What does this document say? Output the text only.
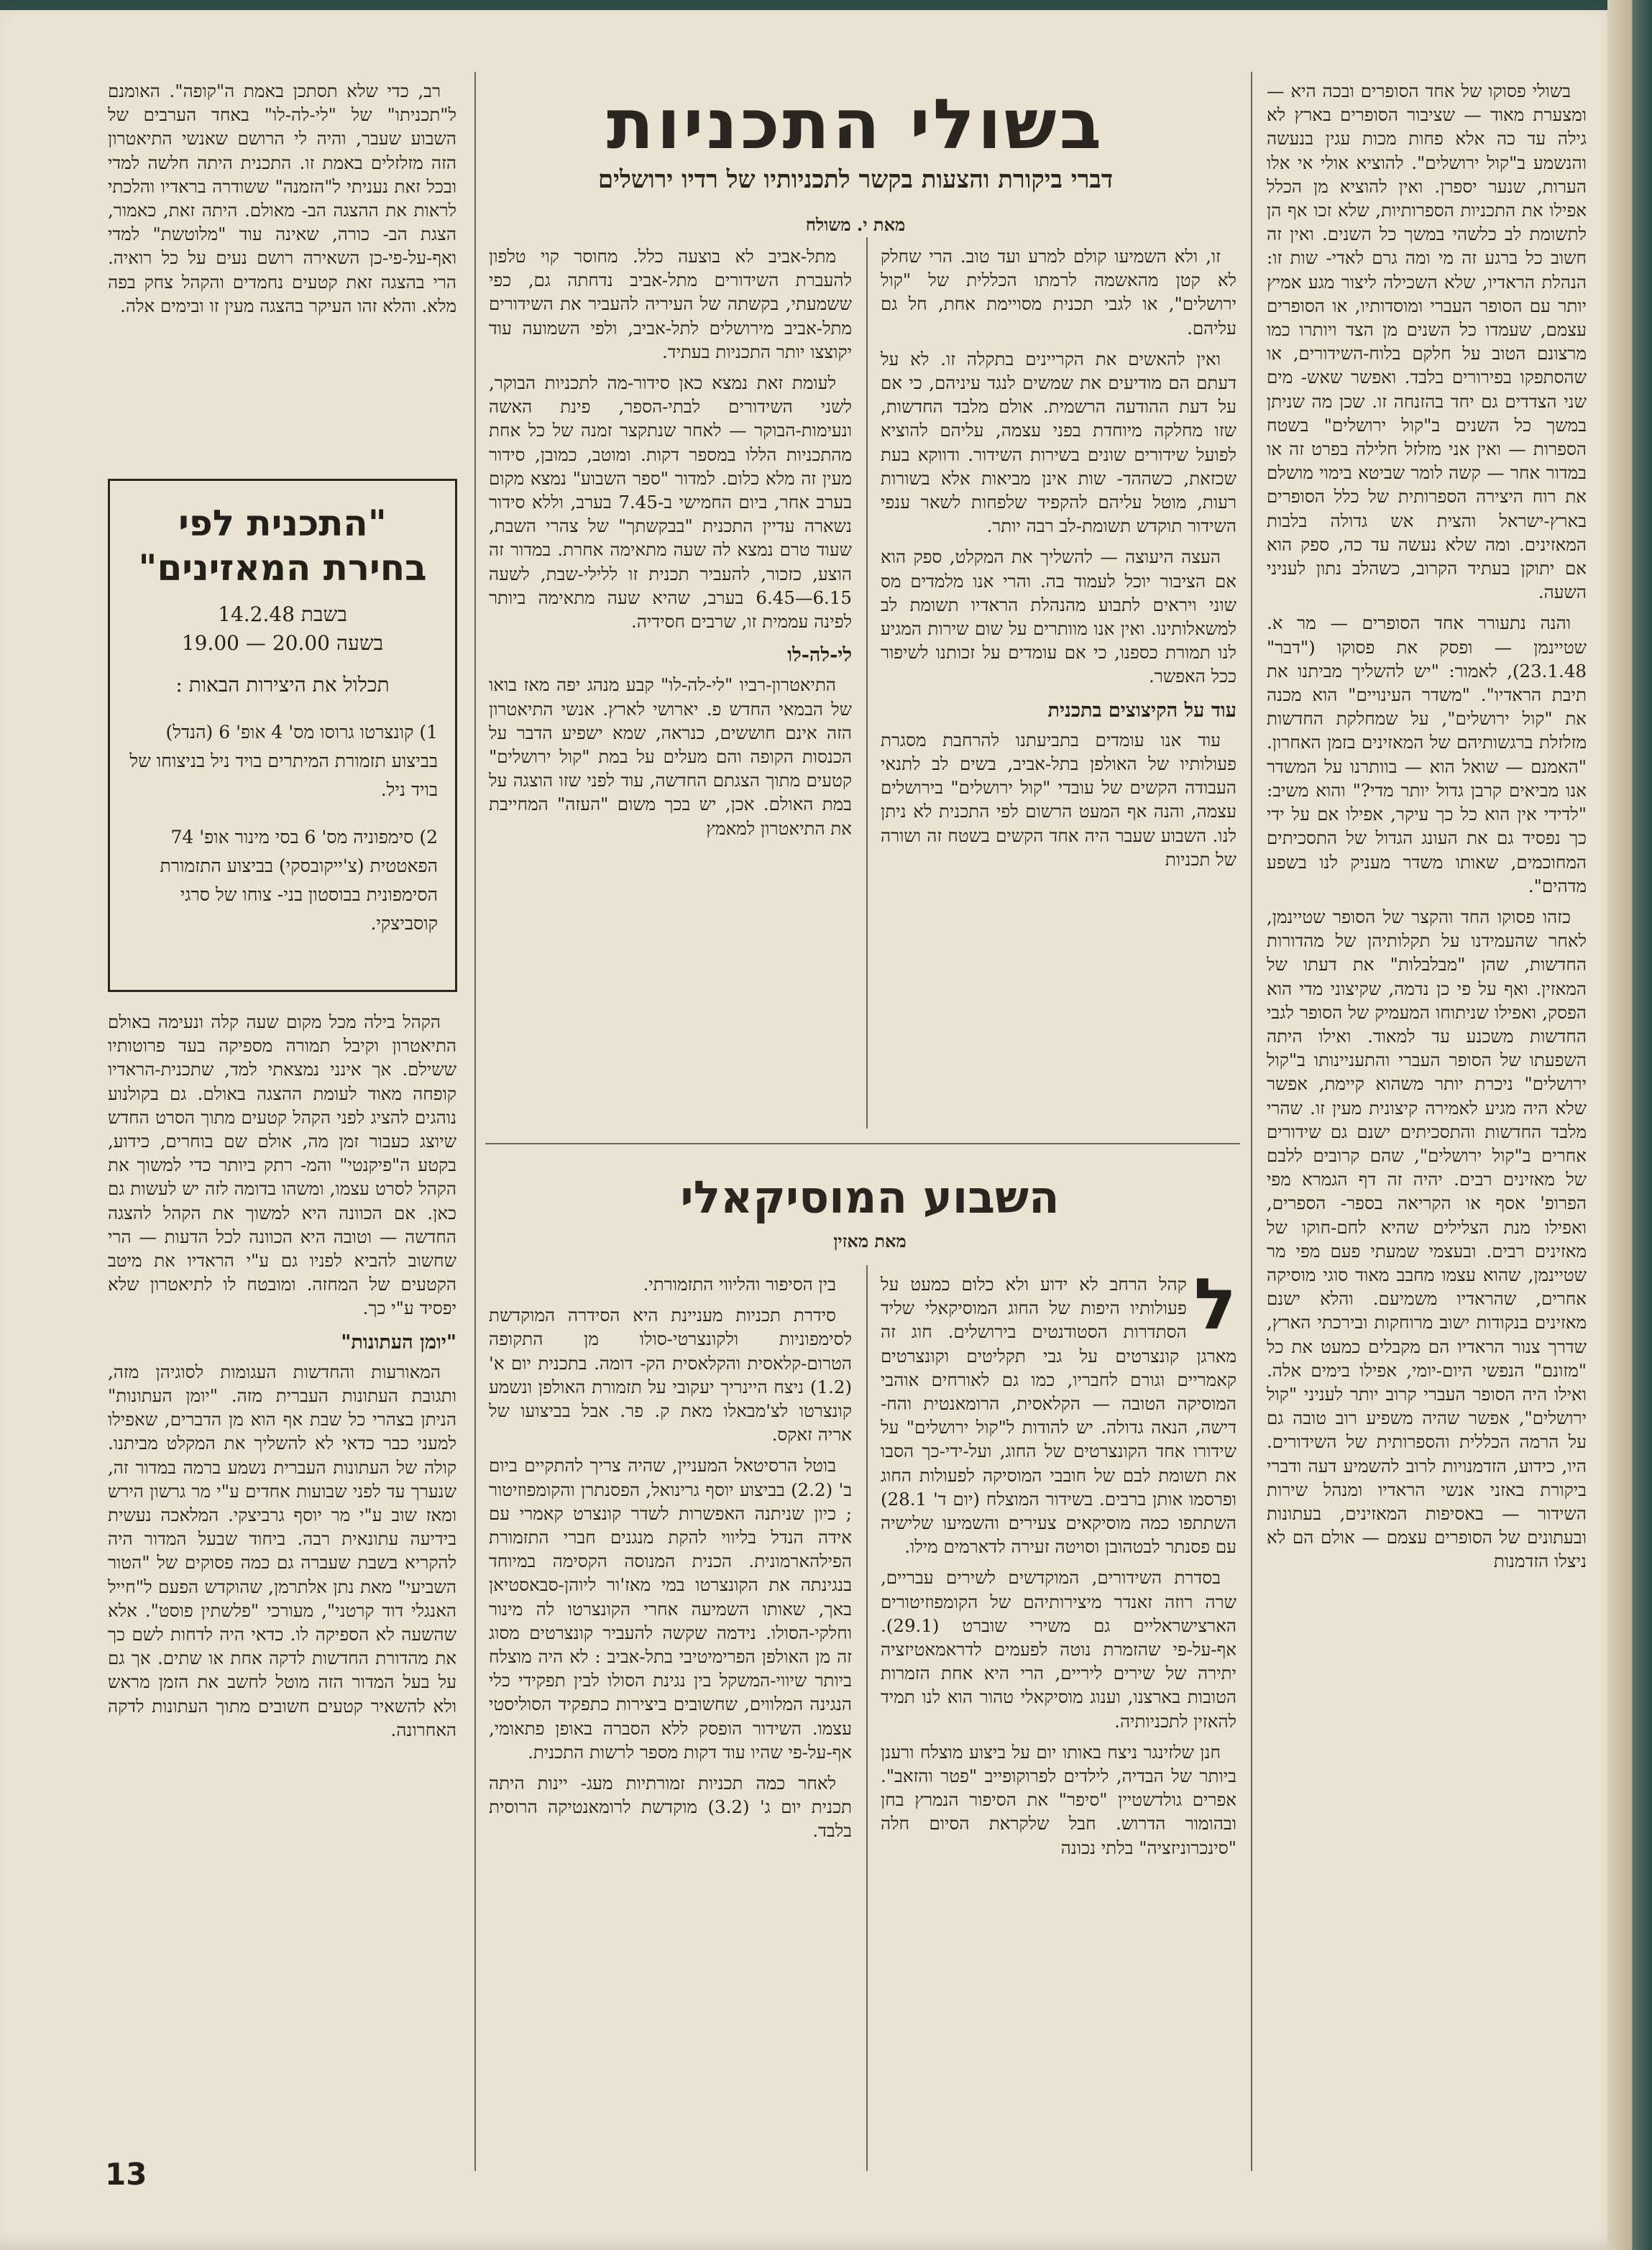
בשולי התכניות
דברי ביקורת והצעות בקשר לתכניותיו של רדיו ירושלים
מאת י. משולח

בשולי פסוקו של אחד הסופרים ובכה היא — ומצערת מאוד — שציבור הסופרים בארץ לא גילה עד כה אלא פחות מכות עגין בנעשה והנשמע ב"קול ירושלים". להוציא אולי אי אלו הערות, שנער יספרן. ואין להוציא מן הכלל אפילו את התכניות הספרותיות, שלא זכו אף הן לתשומת לב כלשהי במשך כל השנים. ואין זה חשוב כל ברגע זה מי ומה גרם לאדי- שות זו: הנהלת הראדיו, שלא השכילה ליצור מגע אמיץ יותר עם הסופר העברי ומוסדותיו, או הסופרים עצמם, שעמדו כל השנים מן הצד ויותרו כמו מרצונם הטוב על חלקם בלוח-השידורים, או שהסתפקו בפירורים בלבד. ואפשר שאש- מים שני הצדדים גם יחד בהזנחה זו. שכן מה שניתן במשך כל השנים ב"קול ירושלים" בשטח הספרות — ואין אני מזלזל חלילה בפרט זה או במדור אחר — קשה לומר שביטא בימוי מושלם את רוח היצירה הספרותית של כלל הסופרים בארץ-ישראל והצית אש גדולה בלבות המאזינים. ומה שלא נעשה עד כה, ספק הוא אם יתוקן בעתיד הקרוב, כשהלב נתון לעניני השעה.

והנה נתעורר אחד הסופרים — מר א. שטיינמן — ופסק את פסוקו ("דבר" 23.1.48), לאמור: "יש להשליך מביתנו את תיבת הראדיו". "משדר העינויים" הוא מכנה את "קול ירושלים", על שמחלקת החדשות מזלזלת ברגשותיהם של המאזינים בזמן האחרון. "האמנם — שואל הוא — בוותרנו על המשדר אנו מביאים קרבן גדול יותר מדי?" והוא משיב: "לדידי אין הוא כל כך עיקר, אפילו אם על ידי כך נפסיד גם את העונג הגדול של התסכיתים המחוכמים, שאותו משדר מעניק לנו בשפע מדהים".

כזהו פסוקו החד והקצר של הסופר שטיינמן, לאחר שהעמידנו על תקלותיהן של מהדורות החדשות, שהן "מבלבלות" את דעתו של המאזין. ואף על פי כן נדמה, שקיצוני מדי הוא הפסק, ואפילו שניתוחו המעמיק של הסופר לגבי החדשות משכנע עד למאוד. ואילו היתה השפעתו של הסופר העברי והתעניינותו ב"קול ירושלים" ניכרת יותר משהוא קיימת, אפשר שלא היה מגיע לאמירה קיצונית מעין זו. שהרי מלבד החדשות והתסכיתים ישנם גם שידורים אחרים ב"קול ירושלים", שהם קרובים ללבם של מאזינים רבים. יהיה זה דף הגמרא מפי הפרופ' אסף או הקריאה בספר- הספרים, ואפילו מנת הצלילים שהיא לחם-חוקו של מאזינים רבים. ובעצמי שמעתי פעם מפי מר שטיינמן, שהוא עצמו מחבב מאוד סוגי מוסיקה אחרים, שהראדיו משמיעם. והלא ישנם מאזינים בנקודות ישוב מרוחקות ובירכתי הארץ, שדרך צנור הראדיו הם מקבלים כמעט את כל "מזונם" הנפשי היום-יומי, אפילו בימים אלה. ואילו היה הסופר העברי קרוב יותר לעניני "קול ירושלים", אפשר שהיה משפיע רוב טובה גם על הרמה הכללית והספרותית של השידורים. היו, כידוע, הזדמנויות לרוב להשמיע דעה ודברי ביקורת באזני אנשי הראדיו ומנהל שירות השידור — באסיפות המאזינים, בעתונות ובעתונים של הסופרים עצמם — אולם הם לא ניצלו הזדמנות

זו, ולא השמיעו קולם למרע ועד טוב. הרי שחלק לא קטן מהאשמה לרמתו הכללית של "קול ירושלים", או לגבי תכנית מסויימת אחת, חל גם עליהם.

ואין להאשים את הקריינים בתקלה זו. לא על דעתם הם מודיעים את שמשים לנגד עיניהם, כי אם על דעת ההודעה הרשמית. אולם מלבד החדשות, שזו מחלקה מיוחדת בפני עצמה, עליהם להוציא לפועל שידורים שונים בשירות השידור. ודווקא בעת שכזאת, כשההד- שות אינן מביאות אלא בשורות רעות, מוטל עליהם להקפיד שלפחות לשאר ענפי השידור תוקדש תשומת-לב רבה יותר.

העצה היעוצה — להשליך את המקלט, ספק הוא אם הציבור יוכל לעמוד בה. והרי אנו מלמדים מס שוני ויראים לתבוע מהנהלת הראדיו תשומת לב למשאלותינו. ואין אנו מוותרים על שום שירות המגיע לנו תמורת כספנו, כי אם עומדים על זכותנו לשיפור ככל האפשר.

עוד על הקיצוצים בתכנית

עוד אנו עומדים בתביעתנו להרחבת מסגרת פעולותיו של האולפן בתל-אביב, בשים לב לתנאי העבודה הקשים של עובדי "קול ירושלים" בירושלים עצמה, והנה אף המעט הרשום לפי התכנית לא ניתן לנו. השבוע שעבר היה אחד הקשים בשטח זה ושורה של תכניות

מתל-אביב לא בוצעה כלל. מחוסר קוי טלפון להעברת השידורים מתל-אביב נדחתה גם, כפי ששמעתי, בקשתה של העיריה להעביר את השידורים מתל-אביב מירושלים לתל-אביב, ולפי השמועה עוד יקוצצו יותר התכניות בעתיד.

לעומת זאת נמצא כאן סידור-מה לתכניות הבוקר, לשני השידורים לבתי-הספר, פינת האשה ונעימות-הבוקר — לאחר שנתקצר זמנה של כל אחת מהתכניות הללו במספר דקות. ומוטב, כמובן, סידור מעין זה מלא כלום. למדור "ספר השבוע" נמצא מקום בערב אחר, ביום החמישי ב-7.45 בערב, וללא סידור נשארה עדיין התכנית "בבקשתך" של צהרי השבת, שעוד טרם נמצא לה שעה מתאימה אחרת. במדור זה הוצע, כזכור, להעביר תכנית זו ללילי-שבת, לשעה 6.15—6.45 בערב, שהיא שעה מתאימה ביותר לפינה עממית זו, שרבים חסידיה.

לי-לה-לו

התיאטרון-רביו "לי-לה-לו" קבע מנהג יפה מאז בואו של הבמאי החדש פ. יארושי לארץ. אנשי התיאטרון הזה אינם חוששים, כנראה, שמא ישפיע הדבר על הכנסות הקופה והם מעלים על במת "קול ירושלים" קטעים מתוך הצגתם החדשה, עוד לפני שזו הוצגה על במת האולם. אכן, יש בכך משום "העזה" המחייבת את התיאטרון למאמץ

רב, כדי שלא תסתכן באמת ה"קופה". האומנם ל"תכניתו" של "לי-לה-לו" באחד הערבים של השבוע שעבר, והיה לי הרושם שאנשי התיאטרון הזה מזלזלים באמת זו. התכנית היתה חלשה למדי ובכל זאת נעניתי ל"הזמנה" ששודרה בראדיו והלכתי לראות את ההצגה הב- מאולם. היתה זאת, כאמור, הצגת הב- כורה, שאינה עוד "מלוטשת" למדי ואף-על-פי-כן השאירה רושם נעים על כל רואיה. הרי בהצגה זאת קטעים נחמדים והקהל צחק בפה מלא. והלא זהו העיקר בהצגה מעין זו ובימים אלה.

"התכנית לפי
בחירת המאזינים"
בשבת 14.2.48
בשעה 20.00 — 19.00
תכלול את היצירות הבאות :
1) קונצרטו גרוסו מס' 4 אופ' 6 (הנדל) בביצוע תזמורת המיתרים בויד ניל בניצוחו של בויד ניל.
2) סימפוניה מס' 6 בסי מינור אופ' 74 הפאטטית (צ'ייקובסקי) בביצוע התזמורת הסימפונית בבוסטון בני- צוחו של סרגי קוסביצקי.

הקהל בילה מכל מקום שעה קלה ונעימה באולם התיאטרון וקיבל תמורה מספיקה בעד פרוטותיו ששילם. אך אינני נמצאתי למד, שתכנית-הראדיו קופחה מאוד לעומת ההצגה באולם. גם בקולנוע נוהגים להציג לפני הקהל קטעים מתוך הסרט החדש שיוצג כעבור זמן מה, אולם שם בוחרים, כידוע, בקטע ה"פיקנטי" והמ- רתק ביותר כדי למשוך את הקהל לסרט עצמו, ומשהו בדומה לזה יש לעשות גם כאן. אם הכוונה היא למשוך את הקהל להצגה החדשה — וטובה היא הכוונה לכל הדעות — הרי שחשוב להביא לפניו גם ע"י הראדיו את מיטב הקטעים של המחזה. ומובטח לו לתיאטרון שלא יפסיד ע"י כך.

"יומן העתונות"

המאורעות והחדשות העגומות לסוגיהן מזה, ותגובת העתונות העברית מזה. "יומן העתונות" הניתן בצהרי כל שבת אף הוא מן הדברים, שאפילו למעני כבר כדאי לא להשליך את המקלט מביתנו. קולה של העתונות העברית נשמע ברמה במדור זה, שנערך עד לפני שבועות אחדים ע"י מר גרשון הירש ומאז שוב ע"י מר יוסף גרביצקי. המלאכה נעשית בידיעה עתונאית רבה. ביחוד שבעל המדור היה להקריא בשבת שעברה גם כמה פסוקים של "הטור השביעי" מאת נתן אלתרמן, שהוקדש הפעם ל"חייל האנגלי דוד קרטני", מעורכי "פלשתין פוסט". אלא שהשעה לא הספיקה לו. כדאי היה לדחות לשם כך את מהדורת החדשות לדקה אחת או שתים. אך גם על בעל המדור הזה מוטל לחשב את הזמן מראש ולא להשאיר קטעים חשובים מתוך העתונות לדקה האחרונה.

השבוע המוסיקאלי
מאת מאזין
ל

קהל הרחב לא ידוע ולא כלום כמעט על פעולותיו היפות של החוג המוסיקאלי שליד הסתדרות הסטודנטים בירושלים. חוג זה מארגן קונצרטים על גבי תקליטים וקונצרטים קאמריים וגורם לחבריו, כמו גם לאורחים אוהבי המוסיקה הטובה — הקלאסית, הרומאנטית והח- דישה, הנאה גדולה. יש להודות ל"קול ירושלים" על שידורו אחד הקונצרטים של החוג, ועל-ידי-כך הסבו את תשומת לבם של חובבי המוסיקה לפעולות החוג ופרסמו אותן ברבים. בשידור המוצלח (יום ד' 28.1) השתתפו כמה מוסיקאים צעירים והשמיעו שלישיה עם פסנתר לבטהובן וסויטה זעירה לדארמים מילו.

בסדרת השידורים, המוקדשים לשירים עבריים, שרה רוזה זאנדר מיצירותיהם של הקומפוזיטורים הארצישראליים גם משירי שוברט (29.1). אף-על-פי שהזמרת נוטה לפעמים לדראמאטיזציה יתירה של שירים ליריים, הרי היא אחת הזמרות הטובות בארצנו, וענוג מוסיקאלי טהור הוא לנו תמיד להאזין לתכניותיה.

חנן שלזינגר ניצח באותו יום על ביצוע מוצלח ורענן ביותר של הבדיה, לילדים לפרוקופייב "פטר והזאב". אפרים גולדשטיין "סיפר" את הסיפור הנמרץ בחן ובהומור הדרוש. חבל שלקראת הסיום חלה "סינכרוניזציה" בלתי נכונה

בין הסיפור והליווי התזמורתי.

סידרת תכניות מעניינת היא הסידרה המוקדשת לסימפוניות ולקונצרטי-סולו מן התקופה הטרום-קלאסית והקלאסית הק- דומה. בתכנית יום א' (1.2) ניצח היינריך יעקובי על תזמורת האולפן ונשמע קונצרטו לצ'מבאלו מאת ק. פר. אבל בביצועו של אריה זאקס.

בוטל הרסיטאל המעניין, שהיה צריך להתקיים ביום ב' (2.2) בביצוע יוסף גרינואל, הפסנתרן והקומפוזיטור ; כיון שניתנה האפשרות לשדר קונצרט קאמרי עם אידה הנדל בליווי להקת מנגנים חברי התזמורת הפילהארמונית. הכנית המנוסה הקסימה במיוחד בנגינתה את הקונצרטו במי מאז'ור ליוהן-סבאסטיאן באך, שאותו השמיעה אחרי הקונצרטו לה מינור וחלקי-הסולו. נידמה שקשה להעביר קונצרטים מסוג זה מן האולפן הפרימיטיבי בתל-אביב : לא היה מוצלח ביותר שיווי-המשקל בין נגינת הסולו לבין תפקידי כלי הנגינה המלווים, שחשובים ביצירות כתפקיד הסוליסטי עצמו. השידור הופסק ללא הסברה באופן פתאומי, אף-על-פי שהיו עוד דקות מספר לרשות התכנית.

לאחר כמה תכניות זמורתיות מעג- יינות היתה תכנית יום ג' (3.2) מוקדשת לרומאנטיקה הרוסית בלבד.

13
